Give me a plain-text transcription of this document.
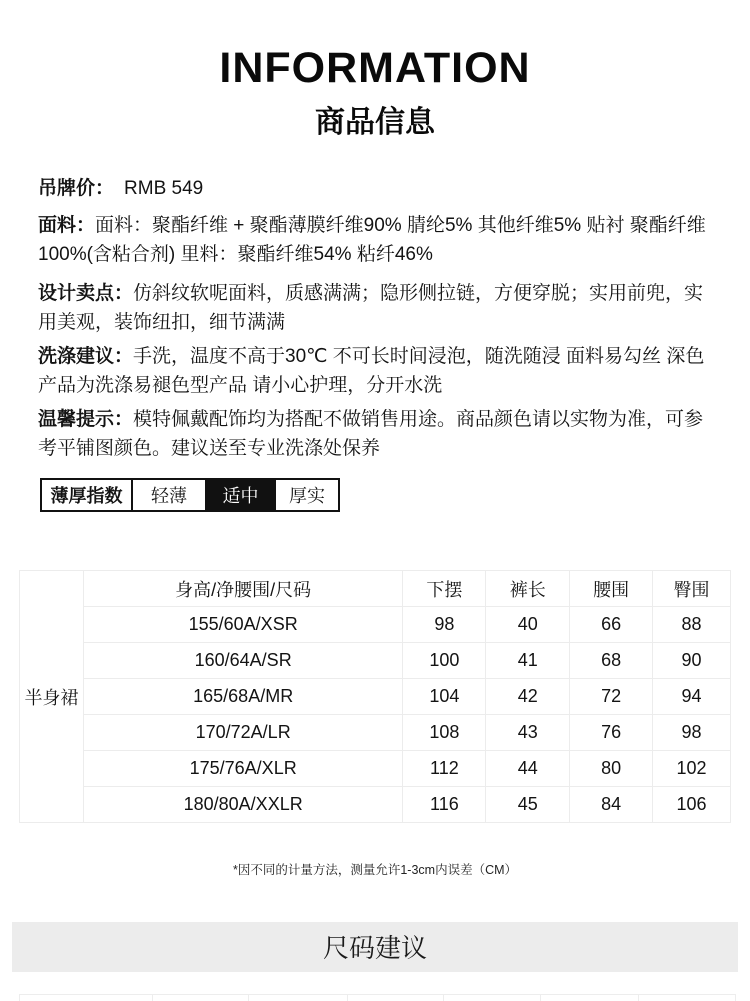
INFORMATION
商品信息
吊牌价： RMB 549

面料：面料：聚酯纤维 + 聚酯薄膜纤维90% 腈纶5% 其他纤维5% 贴衬 聚酯纤维100%(含粘合剂) 里料：聚酯纤维54% 粘纤46%

设计卖点：仿斜纹软呢面料，质感满满；隐形侧拉链，方便穿脱；实用前兜，实用美观，装饰纽扣，细节满满

洗涤建议：手洗，温度不高于30℃ 不可长时间浸泡，随洗随浸 面料易勾丝 深色产品为洗涤易褪色型产品 请小心护理，分开水洗

温馨提示：模特佩戴配饰均为搭配不做销售用途。商品颜色请以实物为准，可参考平铺图颜色。建议送至专业洗涤处保养

薄厚指数	轻薄	适中	厚实
半身裙	身高/净腰围/尺码	下摆	裤长	腰围	臀围
	155/60A/XSR	98	40	66	88
	160/64A/SR	100	41	68	90
	165/68A/MR	104	42	72	94
	170/72A/LR	108	43	76	98
	175/76A/XLR	112	44	80	102
	180/80A/XXLR	116	45	84	106
*因不同的计量方法，测量允许1-3cm内误差（CM）
尺码建议
